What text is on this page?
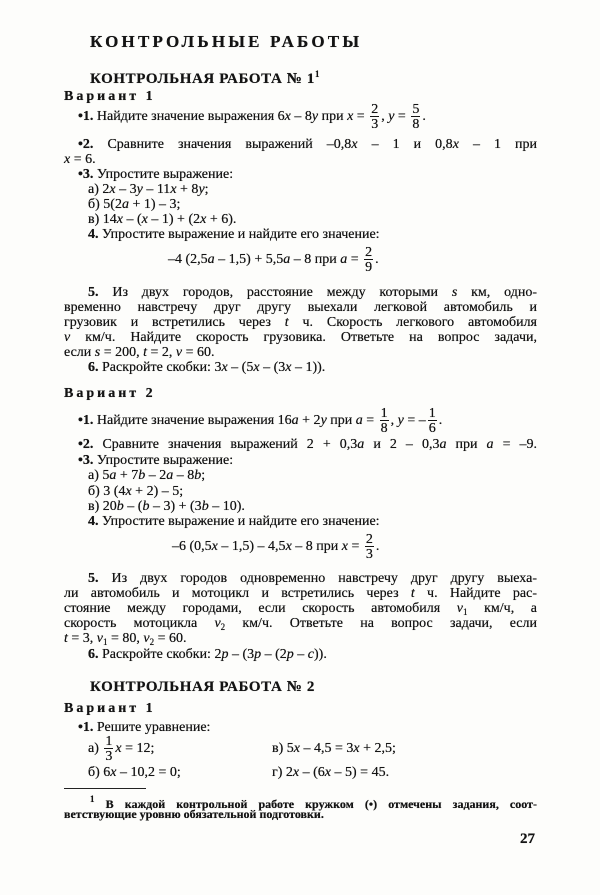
КОНТРОЛЬНЫЕ РАБОТЫ
КОНТРОЛЬНАЯ РАБОТА № $1^1$
Вариант 1
•1. Найдите значение выражения 6x – 8y при $x = \frac{2}{3}$ , $y = \frac{5}{8}$ .
•2. Сравните значения выражений –0,8x – 1 и 0,8x – 1 при
x = 6.
•3. Упростите выражение:
а) 2x – 3y – 11x + 8y;
б) 5(2a + 1) – 3;
в) 14x – (x – 1) + (2x + 6).
4. Упростите выражение и найдите его значение:
–4 (2,5a – 1,5) + 5,5a – 8 при $a = \frac{2}{9}$ .
5. Из двух городов, расстояние между которыми s км, одно-
временно навстречу друг другу выехали легковой автомобиль и
грузовик и встретились через t ч. Скорость легкового автомобиля
v км/ч. Найдите скорость грузовика. Ответьте на вопрос задачи,
если s = 200, t = 2, v = 60.
6. Раскройте скобки: 3x – (5x – (3x – 1)).
Вариант 2
•1. Найдите значение выражения 16a + 2y при $a = \frac{1}{8}$ , y = – $\frac{1}{6}$ .
•2. Сравните значения выражений 2 + 0,3a и 2 – 0,3a при a = –9.
•3. Упростите выражение:
а) 5a + 7b – 2a – 8b;
б) 3 (4x + 2) – 5;
в) 20b – (b – 3) + (3b – 10).
4. Упростите выражение и найдите его значение:
–6 (0,5x – 1,5) – 4,5x – 8 при $x = \frac{2}{3}$ .
5. Из двух городов одновременно навстречу друг другу выеха-
ли автомобиль и мотоцикл и встретились через t ч. Найдите рас-
стояние между городами, если скорость автомобиля $v_1$ км/ч, а
скорость мотоцикла $v_2$ км/ч. Ответьте на вопрос задачи, если
t = 3, $v_1 = 80$, $v_2 = 60$.
6. Раскройте скобки: 2p – (3p – (2p – c)).
КОНТРОЛЬНАЯ РАБОТА № 2
Вариант 1
•1. Решите уравнение:
$а) \frac{1}{3}$ x = 12;	в) 5x – 4,5 = 3x + 2,5;
б) 6x – 10,2 = 0;	г) 2x – (6x – 5) = 45.
$^1$ В каждой контрольной работе кружком (•) отмечены задания, соот-
ветствующие уровню обязательной подготовки.
27
